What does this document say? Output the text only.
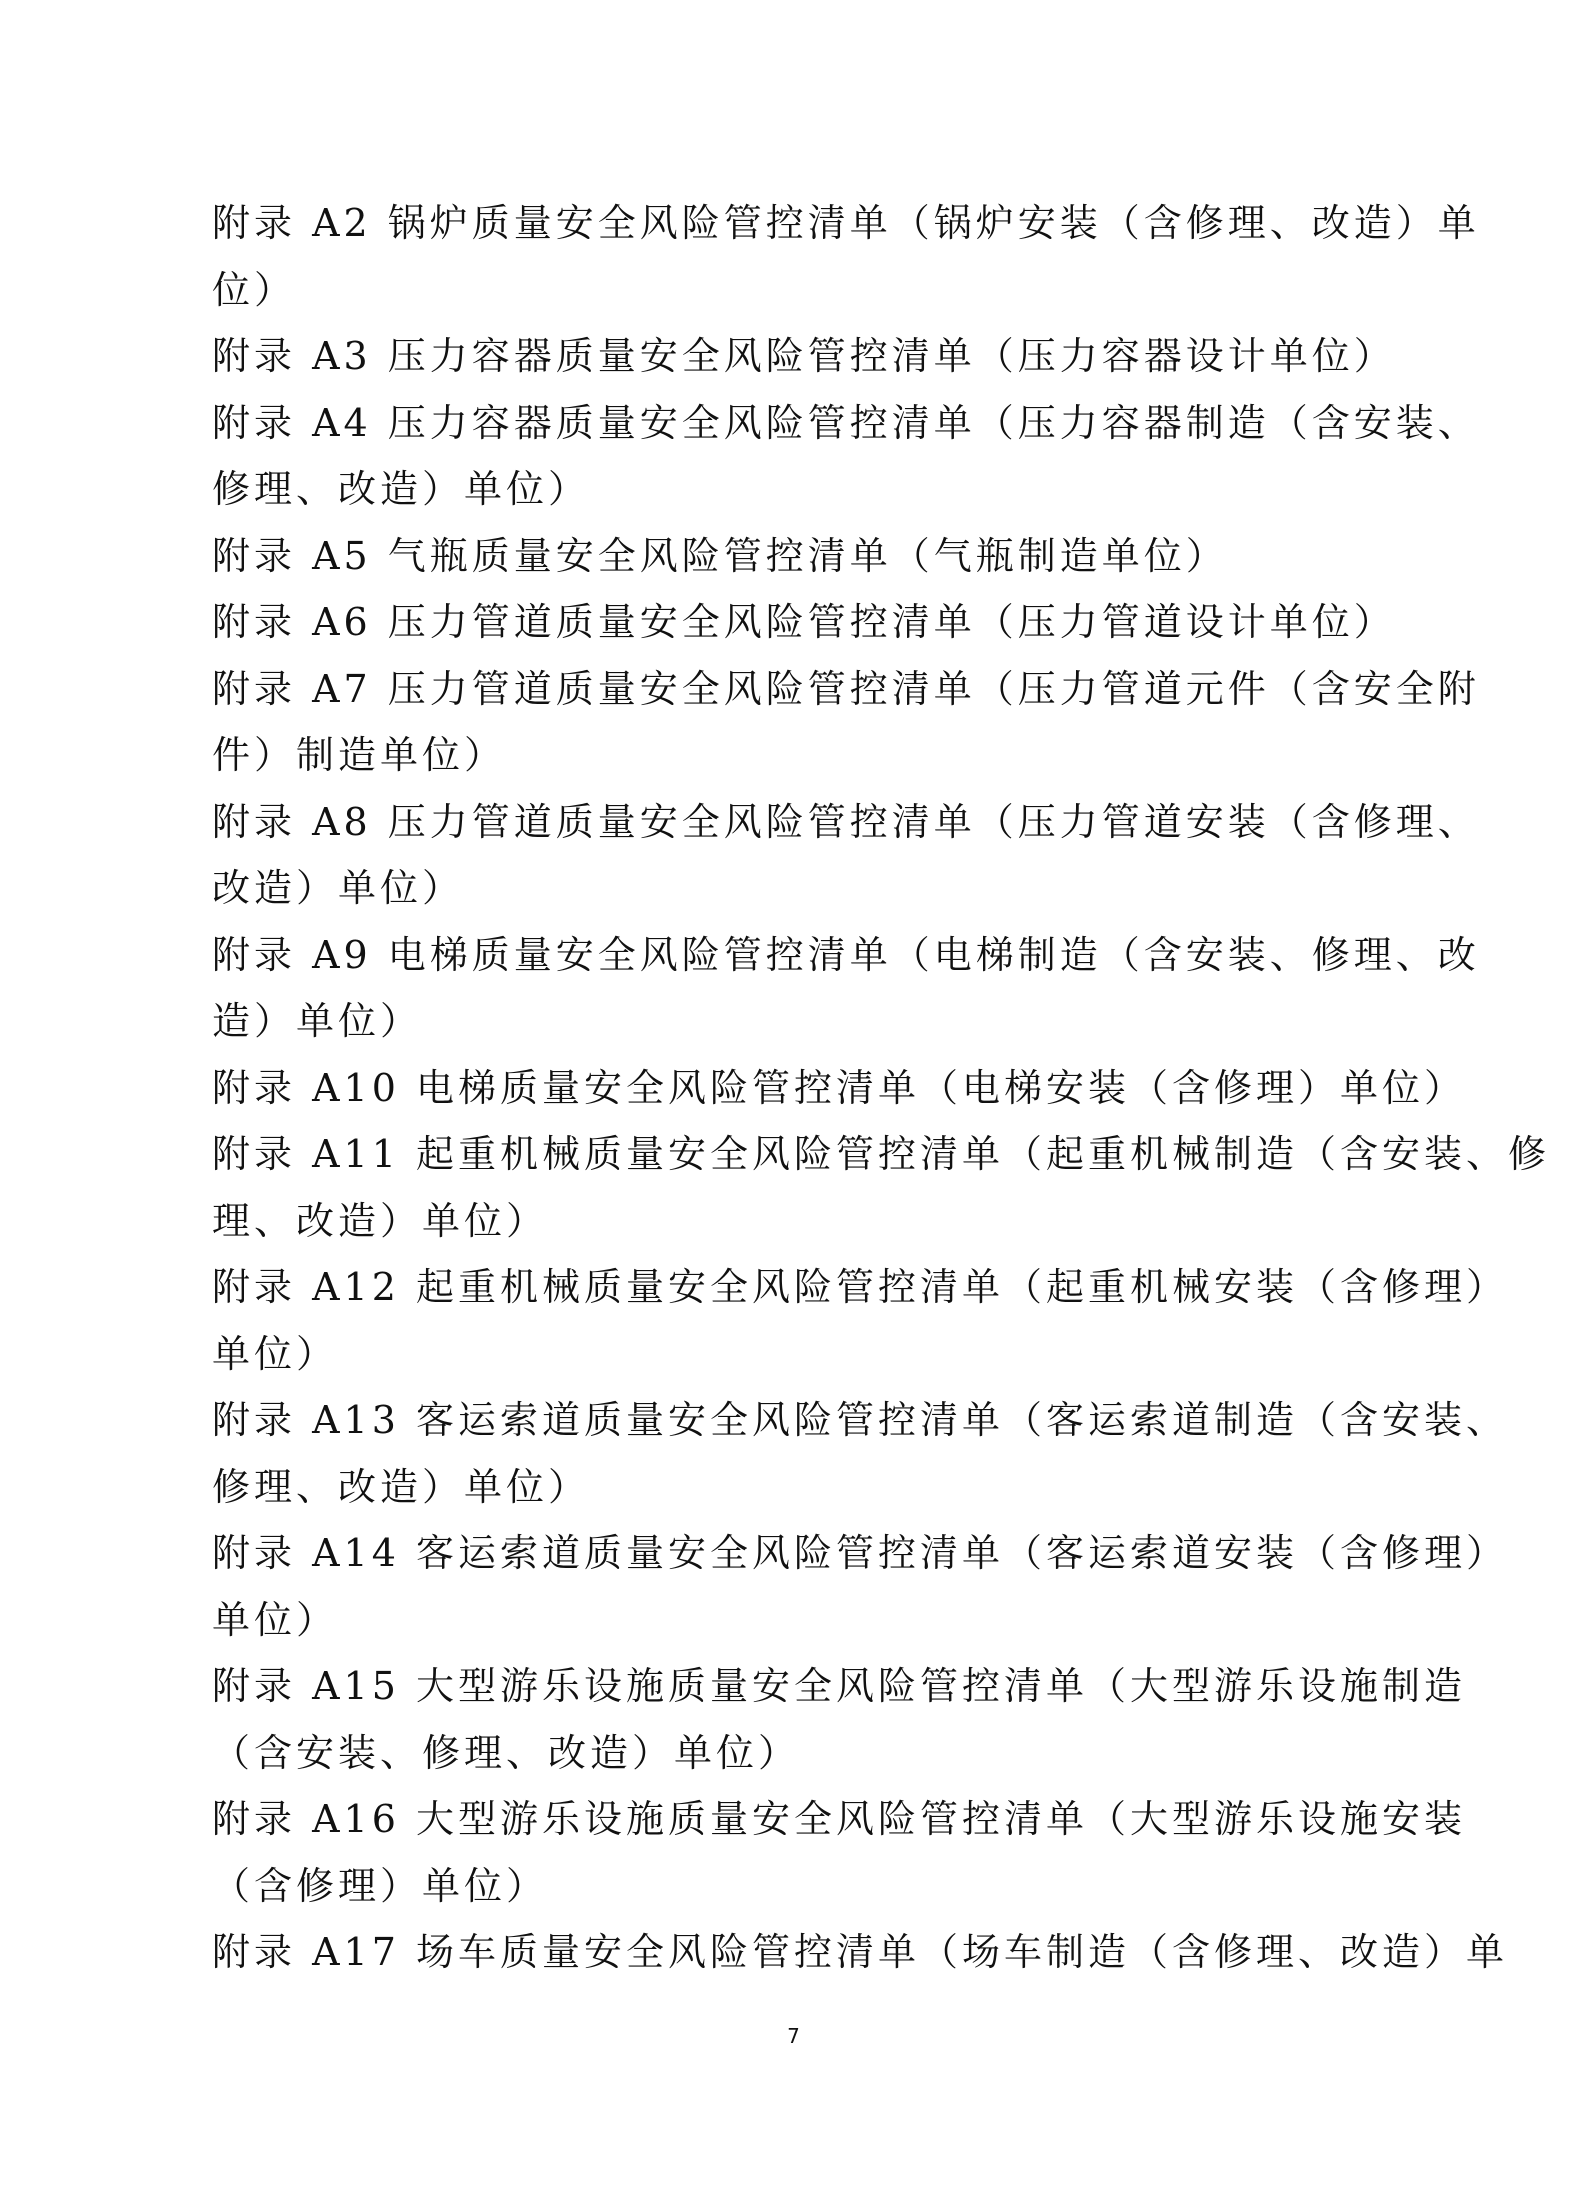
附录 A2 锅炉质量安全风险管控清单（锅炉安装（含修理、改造）单
位）
附录 A3 压力容器质量安全风险管控清单（压力容器设计单位）
附录 A4 压力容器质量安全风险管控清单（压力容器制造（含安装、
修理、改造）单位）
附录 A5 气瓶质量安全风险管控清单（气瓶制造单位）
附录 A6 压力管道质量安全风险管控清单（压力管道设计单位）
附录 A7 压力管道质量安全风险管控清单（压力管道元件（含安全附
件）制造单位）
附录 A8 压力管道质量安全风险管控清单（压力管道安装（含修理、
改造）单位）
附录 A9 电梯质量安全风险管控清单（电梯制造（含安装、修理、改
造）单位）
附录 A10 电梯质量安全风险管控清单（电梯安装（含修理）单位）
附录 A11 起重机械质量安全风险管控清单（起重机械制造（含安装、修
理、改造）单位）
附录 A12 起重机械质量安全风险管控清单（起重机械安装（含修理）
单位）
附录 A13 客运索道质量安全风险管控清单（客运索道制造（含安装、
修理、改造）单位）
附录 A14 客运索道质量安全风险管控清单（客运索道安装（含修理）
单位）
附录 A15 大型游乐设施质量安全风险管控清单（大型游乐设施制造
（含安装、修理、改造）单位）
附录 A16 大型游乐设施质量安全风险管控清单（大型游乐设施安装
（含修理）单位）
附录 A17 场车质量安全风险管控清单（场车制造（含修理、改造）单
7
